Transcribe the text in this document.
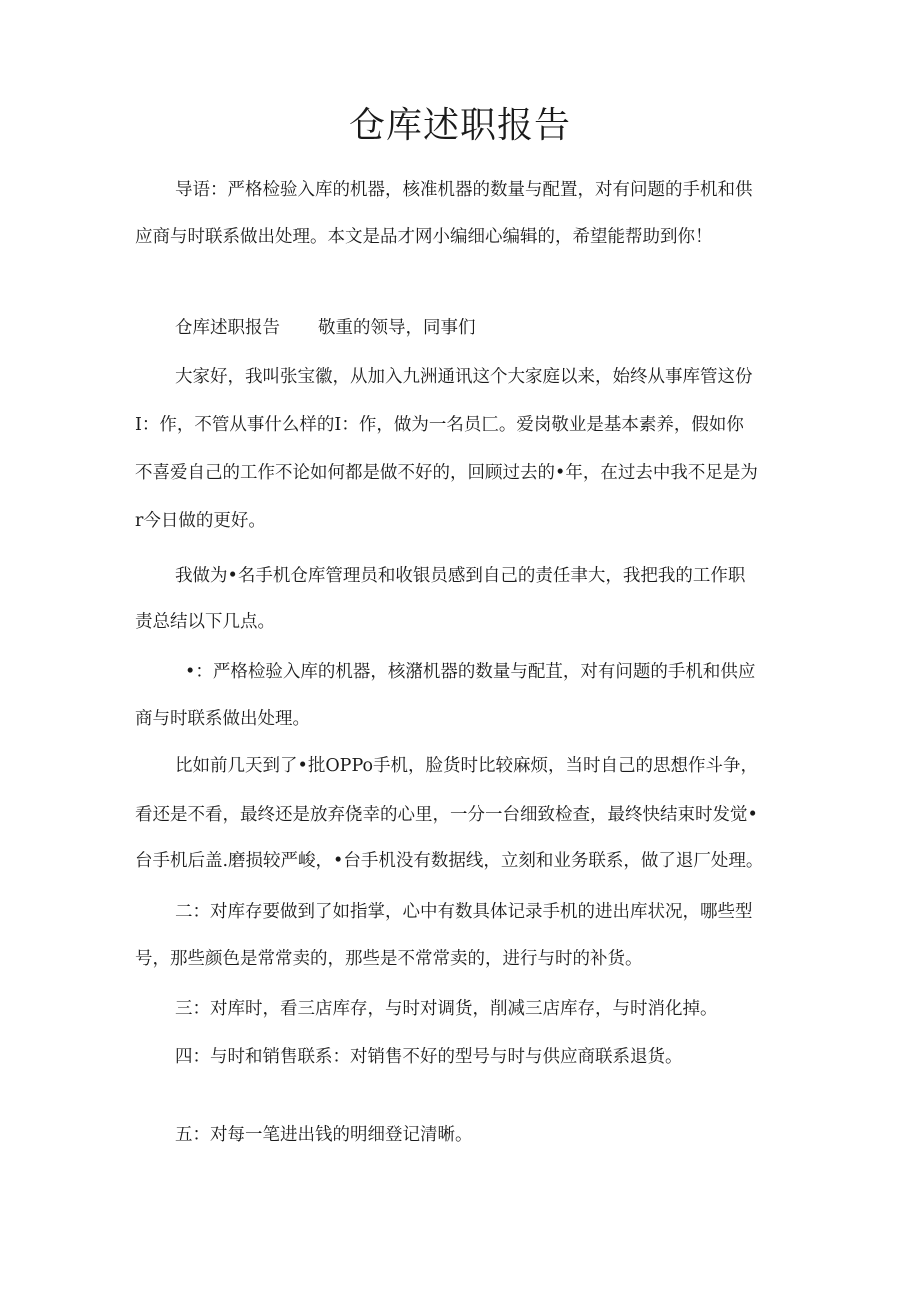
仓库述职报告
导语：严格检验入库的机器，核准机器的数量与配置，对有问题的手机和供
应商与时联系做出处理。本文是品才网小编细心编辑的，希望能帮助到你！
仓库述职报告 敬重的领导，同事们
大家好，我叫张宝徽，从加入九洲通讯这个大家庭以来，始终从事库管这份
I：作，不管从事什么样的I：作，做为一名员匚。爱岗敬业是基本素养，假如你
不喜爱自己的工作不论如何都是做不好的，回顾过去的•年，在过去中我不足是为
r今日做的更好。
我做为•名手机仓库管理员和收银员感到自己的责任聿大，我把我的工作职
责总结以下几点。
•：严格检验入库的机器，核潴机器的数量与配苴，对有问题的手机和供应
商与时联系做出处理。
比如前几天到了•批OPPo手机，脸货时比较麻烦，当时自己的思想作斗争，
看还是不看，最终还是放弃侥幸的心里，一分一台细致检查，最终快结束时发觉•
台手机后盖.磨损较严峻，•台手机没有数据线，立刻和业务联系，做了退厂处理。
二：对库存要做到了如指掌，心中有数具体记录手机的进出库状况，哪些型
号，那些颜色是常常卖的，那些是不常常卖的，进行与时的补货。
三：对库时，看三店库存，与时对调货，削减三店库存，与时消化掉。
四：与时和销售联系：对销售不好的型号与时与供应商联系退货。
五：对每一笔进出钱的明细登记清晰。
